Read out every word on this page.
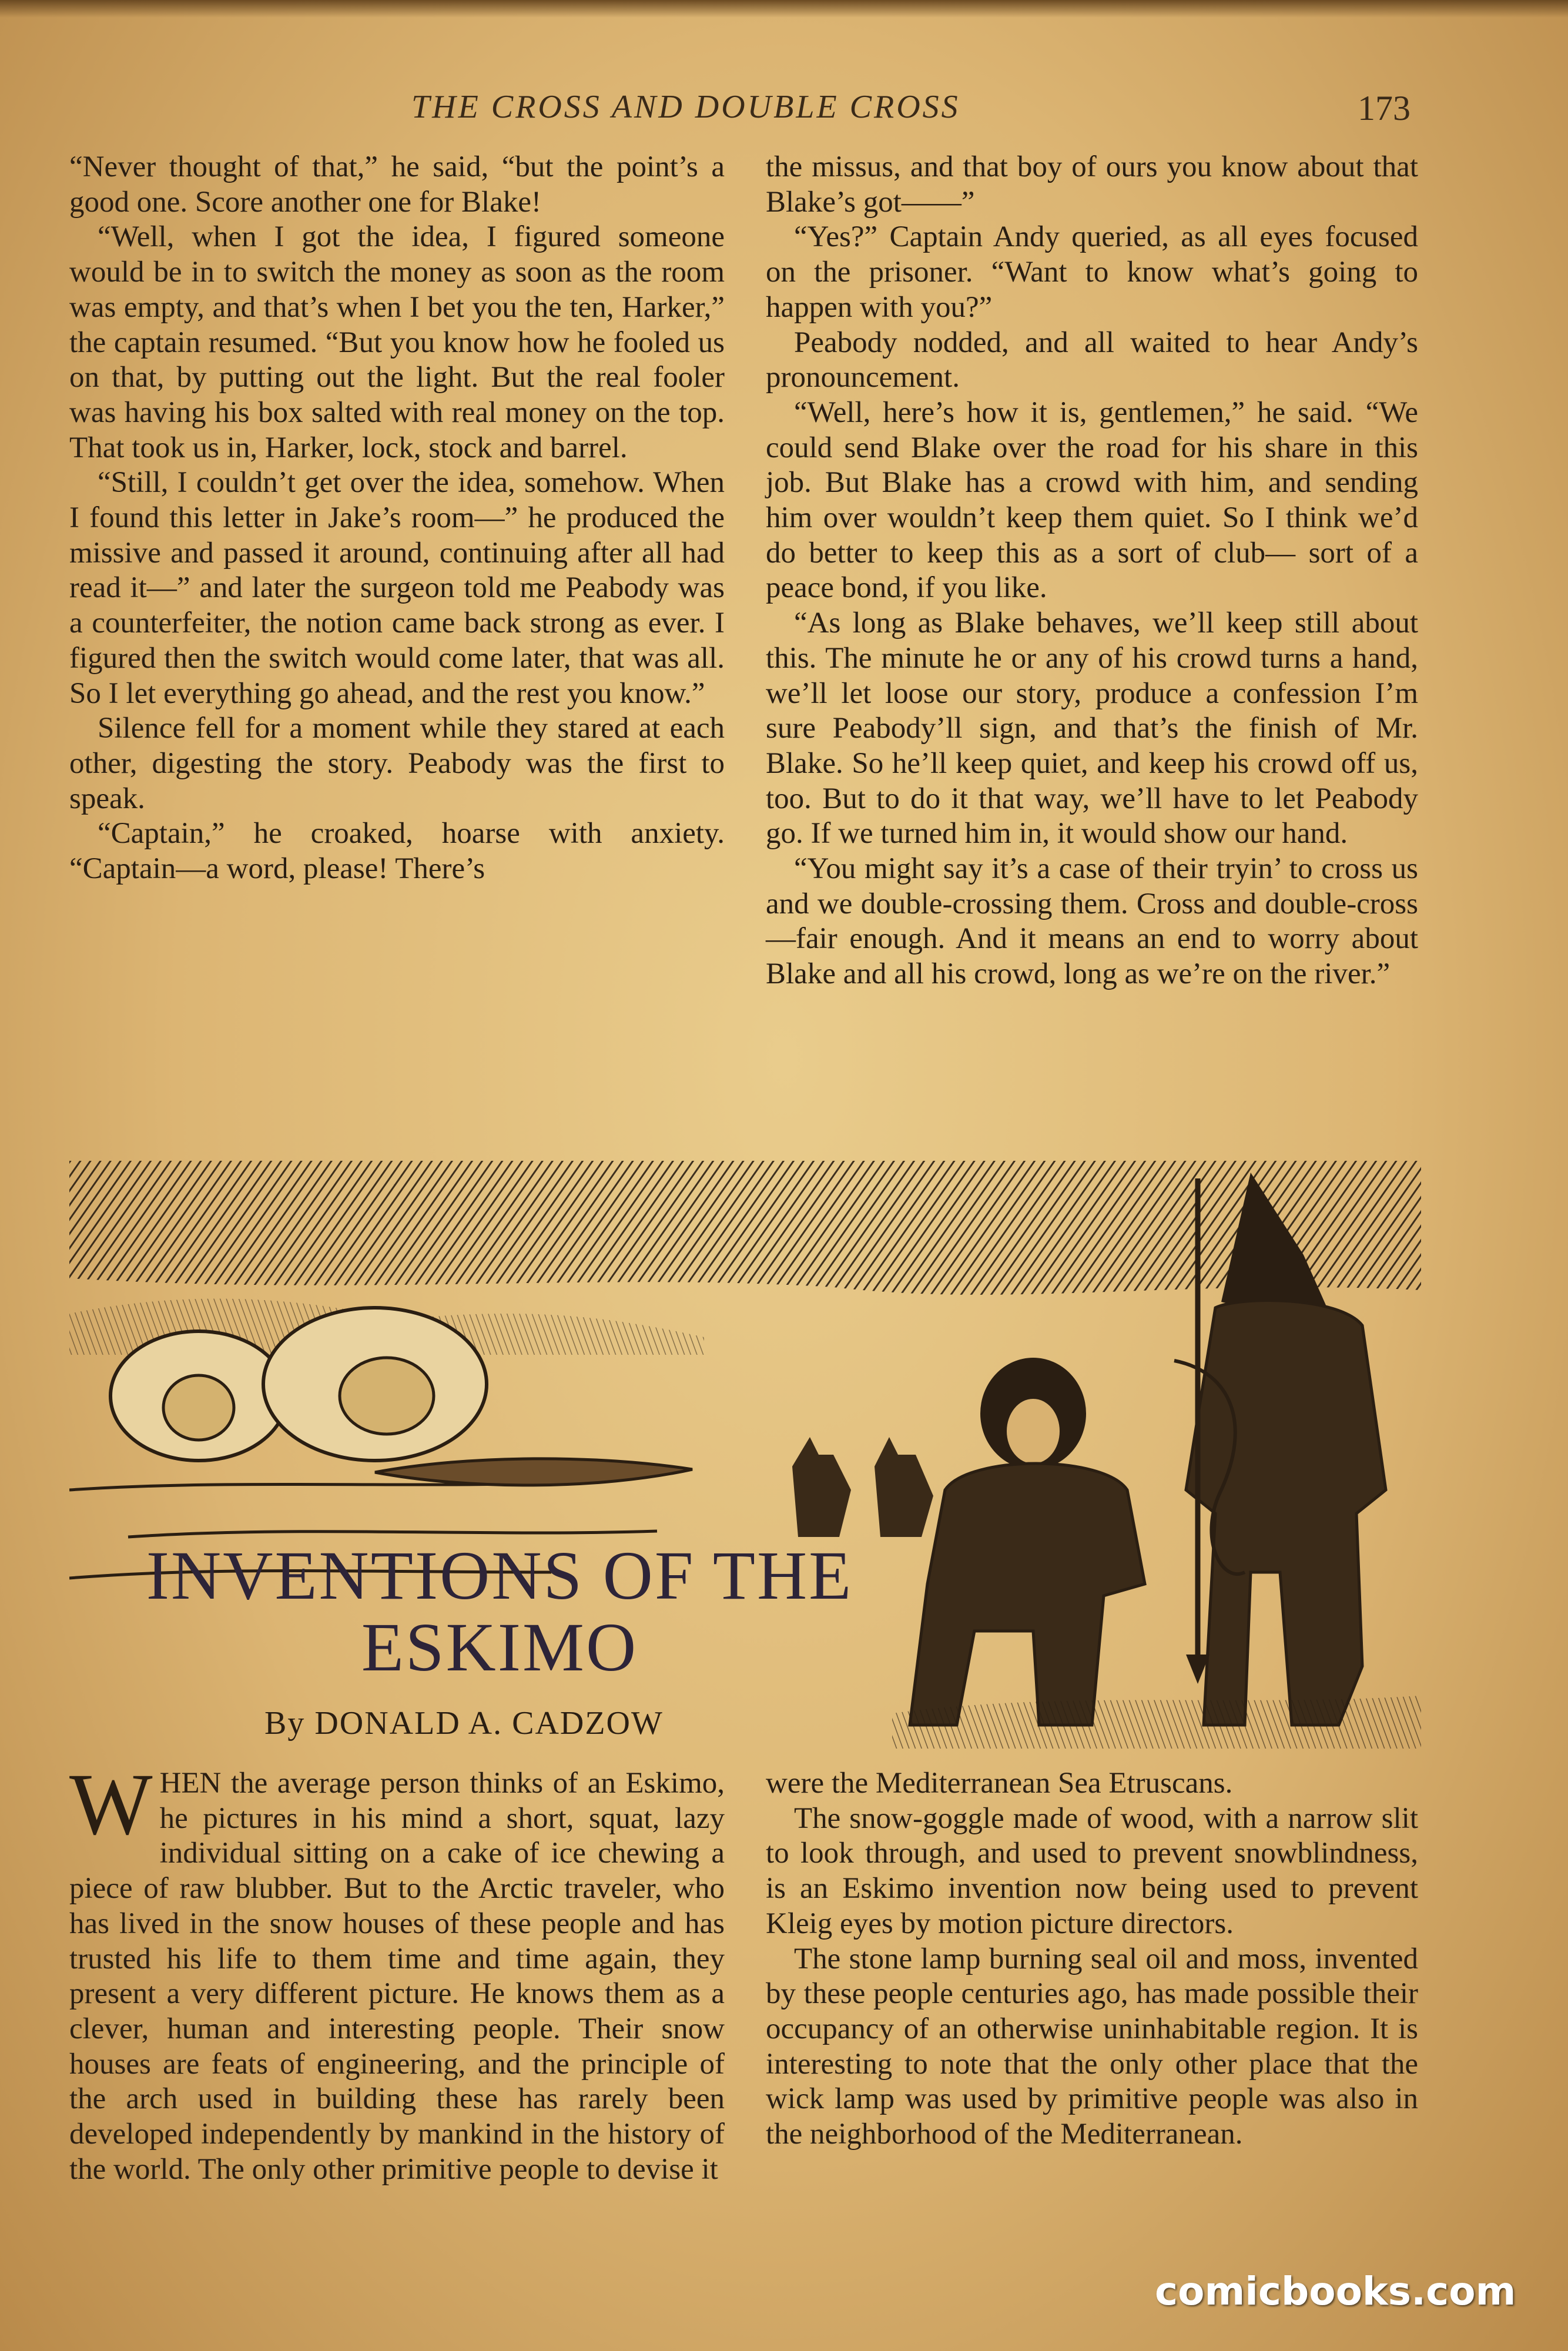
THE CROSS AND DOUBLE CROSS	173

“Never thought of that,” he said, “but the point’s a good one. Score another one for Blake!

“Well, when I got the idea, I figured someone would be in to switch the money as soon as the room was empty, and that’s when I bet you the ten, Harker,” the captain resumed. “But you know how he fooled us on that, by putting out the light. But the real fooler was having his box salted with real money on the top. That took us in, Harker, lock, stock and barrel.

“Still, I couldn’t get over the idea, somehow. When I found this letter in Jake’s room—” he produced the missive and passed it around, continuing after all had read it—” and later the surgeon told me Peabody was a counterfeiter, the notion came back strong as ever. I figured then the switch would come later, that was all. So I let everything go ahead, and the rest you know.”

Silence fell for a moment while they stared at each other, digesting the story. Peabody was the first to speak.

“Captain,” he croaked, hoarse with anxiety. “Captain—a word, please! There’s

the missus, and that boy of ours you know about that Blake’s got——”

“Yes?” Captain Andy queried, as all eyes focused on the prisoner. “Want to know what’s going to happen with you?”

Peabody nodded, and all waited to hear Andy’s pronouncement.

“Well, here’s how it is, gentlemen,” he said. “We could send Blake over the road for his share in this job. But Blake has a crowd with him, and sending him over wouldn’t keep them quiet. So I think we’d do better to keep this as a sort of club— sort of a peace bond, if you like.

“As long as Blake behaves, we’ll keep still about this. The minute he or any of his crowd turns a hand, we’ll let loose our story, produce a confession I’m sure Peabody’ll sign, and that’s the finish of Mr. Blake. So he’ll keep quiet, and keep his crowd off us, too. But to do it that way, we’ll have to let Peabody go. If we turned him in, it would show our hand.

“You might say it’s a case of their tryin’ to cross us and we double-crossing them. Cross and double-cross—fair enough. And it means an end to worry about Blake and all his crowd, long as we’re on the river.”

INVENTIONS OF THE
ESKIMO
By DONALD A. CADZOW

W HEN the average person thinks of an Eskimo, he pictures in his mind a short, squat, lazy individual sitting on a cake of ice chewing a piece of raw blubber. But to the Arctic traveler, who has lived in the snow houses of these people and has trusted his life to them time and time again, they present a very different picture. He knows them as a clever, human and interesting people. Their snow houses are feats of engineering, and the principle of the arch used in building these has rarely been developed independently by mankind in the history of the world. The only other primitive people to devise it

were the Mediterranean Sea Etruscans.

The snow-goggle made of wood, with a narrow slit to look through, and used to prevent snowblindness, is an Eskimo invention now being used to prevent Kleig eyes by motion picture directors.

The stone lamp burning seal oil and moss, invented by these people centuries ago, has made possible their occupancy of an otherwise uninhabitable region. It is interesting to note that the only other place that the wick lamp was used by primitive people was also in the neighborhood of the Mediterranean.

comicbooks.com
